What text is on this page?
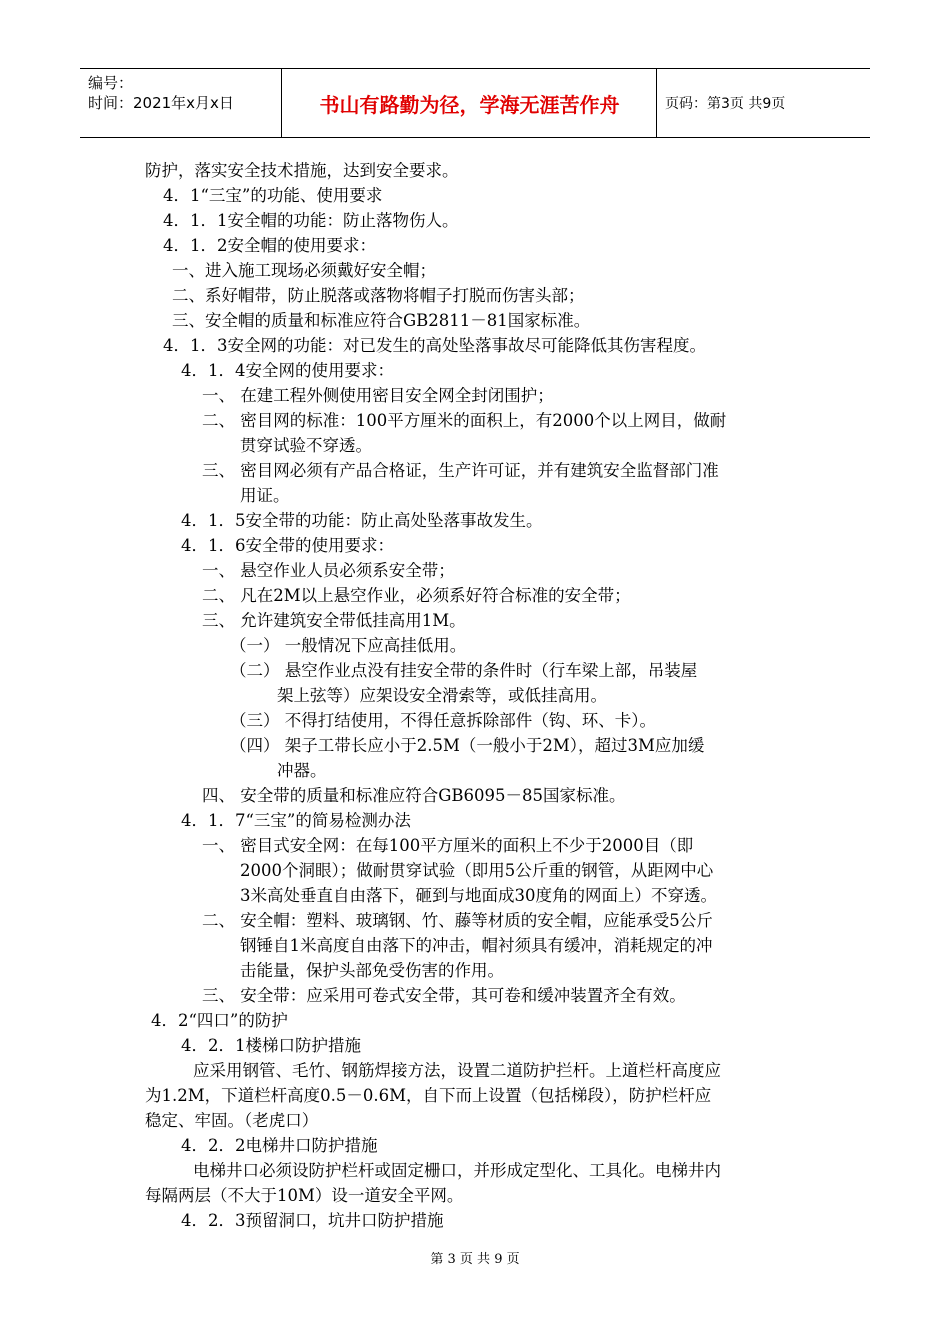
编号：
时间：2021年x月x日	书山有路勤为径，学海无涯苦作舟	页码：第3页 共9页
防护，落实安全技术措施，达到安全要求。
4．1“三宝”的功能、使用要求
4．1．1安全帽的功能：防止落物伤人。
4．1．2安全帽的使用要求：
一、进入施工现场必须戴好安全帽；
二、系好帽带，防止脱落或落物将帽子打脱而伤害头部；
三、安全帽的质量和标准应符合GB2811－81国家标准。
4．1．3安全网的功能：对已发生的高处坠落事故尽可能降低其伤害程度。
4．1．4安全网的使用要求：
一、 在建工程外侧使用密目安全网全封闭围护；
二、 密目网的标准：100平方厘米的面积上，有2000个以上网目，做耐
贯穿试验不穿透。
三、 密目网必须有产品合格证，生产许可证，并有建筑安全监督部门准
用证。
4．1．5安全带的功能：防止高处坠落事故发生。
4．1．6安全带的使用要求：
一、 悬空作业人员必须系安全带；
二、 凡在2M以上悬空作业，必须系好符合标准的安全带；
三、 允许建筑安全带低挂高用1M。
（一） 一般情况下应高挂低用。
（二） 悬空作业点没有挂安全带的条件时（行车梁上部，吊装屋
架上弦等）应架设安全滑索等，或低挂高用。
（三） 不得打结使用，不得任意拆除部件（钩、环、卡）。
（四） 架子工带长应小于2.5M（一般小于2M），超过3M应加缓
冲器。
四、 安全带的质量和标准应符合GB6095－85国家标准。
4．1．7“三宝”的简易检测办法
一、 密目式安全网：在每100平方厘米的面积上不少于2000目（即
2000个洞眼）；做耐贯穿试验（即用5公斤重的钢管，从距网中心
3米高处垂直自由落下，砸到与地面成30度角的网面上）不穿透。
二、 安全帽：塑料、玻璃钢、竹、藤等材质的安全帽，应能承受5公斤
钢锤自1米高度自由落下的冲击，帽衬须具有缓冲，消耗规定的冲
击能量，保护头部免受伤害的作用。
三、 安全带：应采用可卷式安全带，其可卷和缓冲装置齐全有效。
4．2“四口”的防护
4．2．1楼梯口防护措施
应采用钢管、毛竹、钢筋焊接方法，设置二道防护拦杆。上道栏杆高度应
为1.2M，下道栏杆高度0.5－0.6M，自下而上设置（包括梯段），防护栏杆应
稳定、牢固。（老虎口）
4．2．2电梯井口防护措施
电梯井口必须设防护栏杆或固定栅口，并形成定型化、工具化。电梯井内
每隔两层（不大于10M）设一道安全平网。
4．2．3预留洞口，坑井口防护措施
第 3 页 共 9 页
